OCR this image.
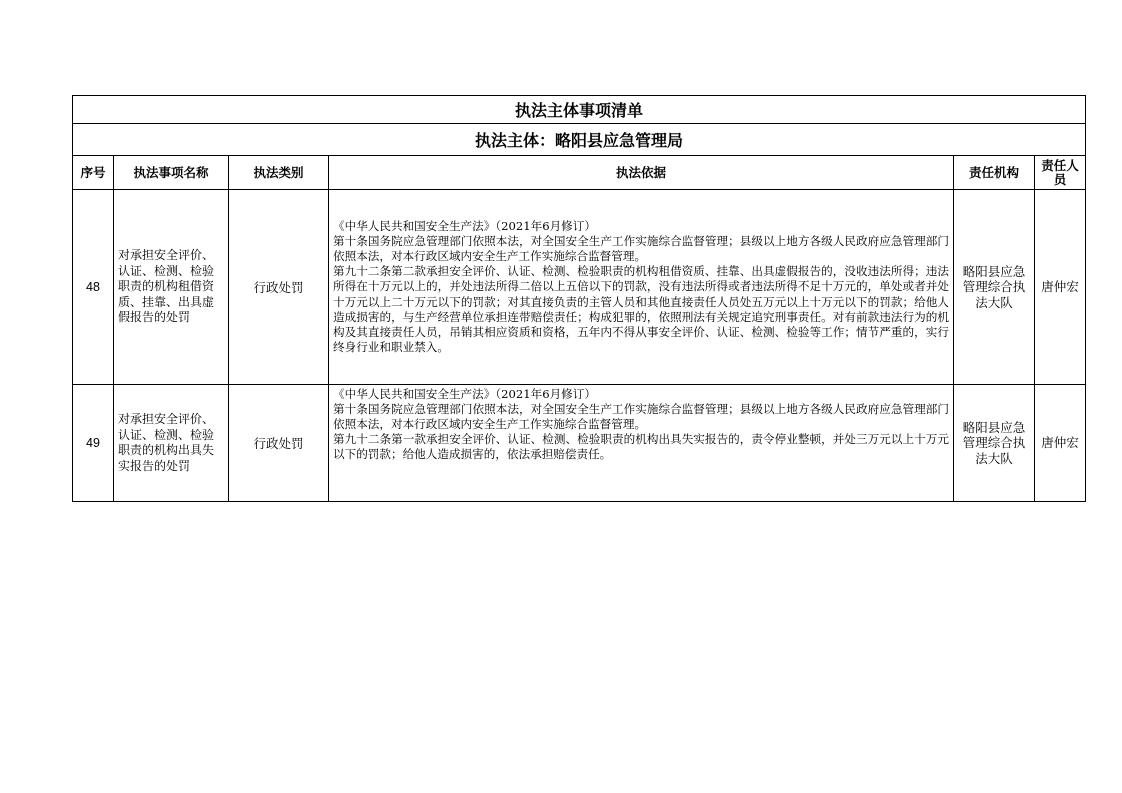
执法主体事项清单					
执法主体：略阳县应急管理局					
序号	执法事项名称	执法类别	执法依据	责任机构	责任人员
48	对承担安全评价、认证、检测、检验职责的机构租借资质、挂靠、出具虚假报告的处罚	行政处罚	《中华人民共和国安全生产法》（2021年6月修订）

第十条国务院应急管理部门依照本法，对全国安全生产工作实施综合监督管理；县级以上地方各级人民政府应急管理部门依照本法，对本行政区域内安全生产工作实施综合监督管理。

第九十二条第二款承担安全评价、认证、检测、检验职责的机构租借资质、挂靠、出具虚假报告的，没收违法所得；违法所得在十万元以上的，并处违法所得二倍以上五倍以下的罚款，没有违法所得或者违法所得不足十万元的，单处或者并处十万元以上二十万元以下的罚款；对其直接负责的主管人员和其他直接责任人员处五万元以上十万元以下的罚款；给他人造成损害的，与生产经营单位承担连带赔偿责任；构成犯罪的，依照刑法有关规定追究刑事责任。对有前款违法行为的机构及其直接责任人员，吊销其相应资质和资格，五年内不得从事安全评价、认证、检测、检验等工作；情节严重的，实行终身行业和职业禁入。	略阳县应急管理综合执法大队	唐仲宏
49	对承担安全评价、认证、检测、检验职责的机构出具失实报告的处罚	行政处罚	《中华人民共和国安全生产法》（2021年6月修订）

第十条国务院应急管理部门依照本法，对全国安全生产工作实施综合监督管理；县级以上地方各级人民政府应急管理部门依照本法，对本行政区域内安全生产工作实施综合监督管理。

第九十二条第一款承担安全评价、认证、检测、检验职责的机构出具失实报告的，责令停业整顿，并处三万元以上十万元以下的罚款；给他人造成损害的，依法承担赔偿责任。	略阳县应急管理综合执法大队	唐仲宏
